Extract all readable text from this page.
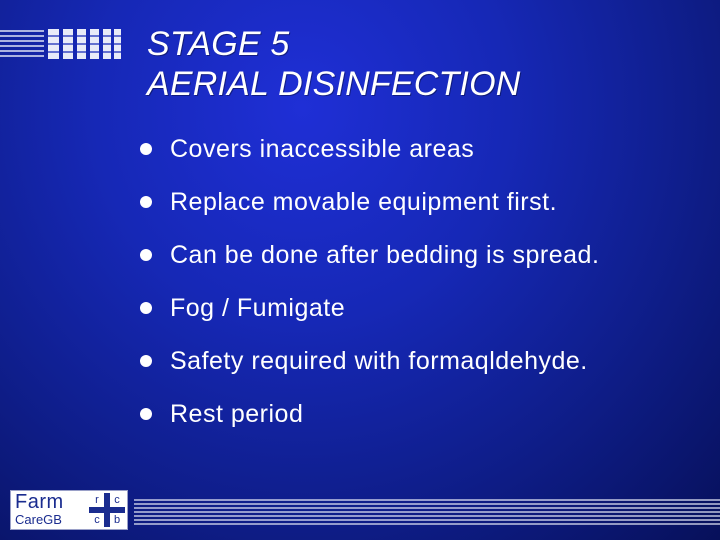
STAGE 5
AERIAL DISINFECTION
Covers inaccessible areas
Replace movable equipment first.
Can be done after bedding is spread.
Fog / Fumigate
Safety required with formaqldehyde.
Rest period
Farm
CareGB
r	c
c b
